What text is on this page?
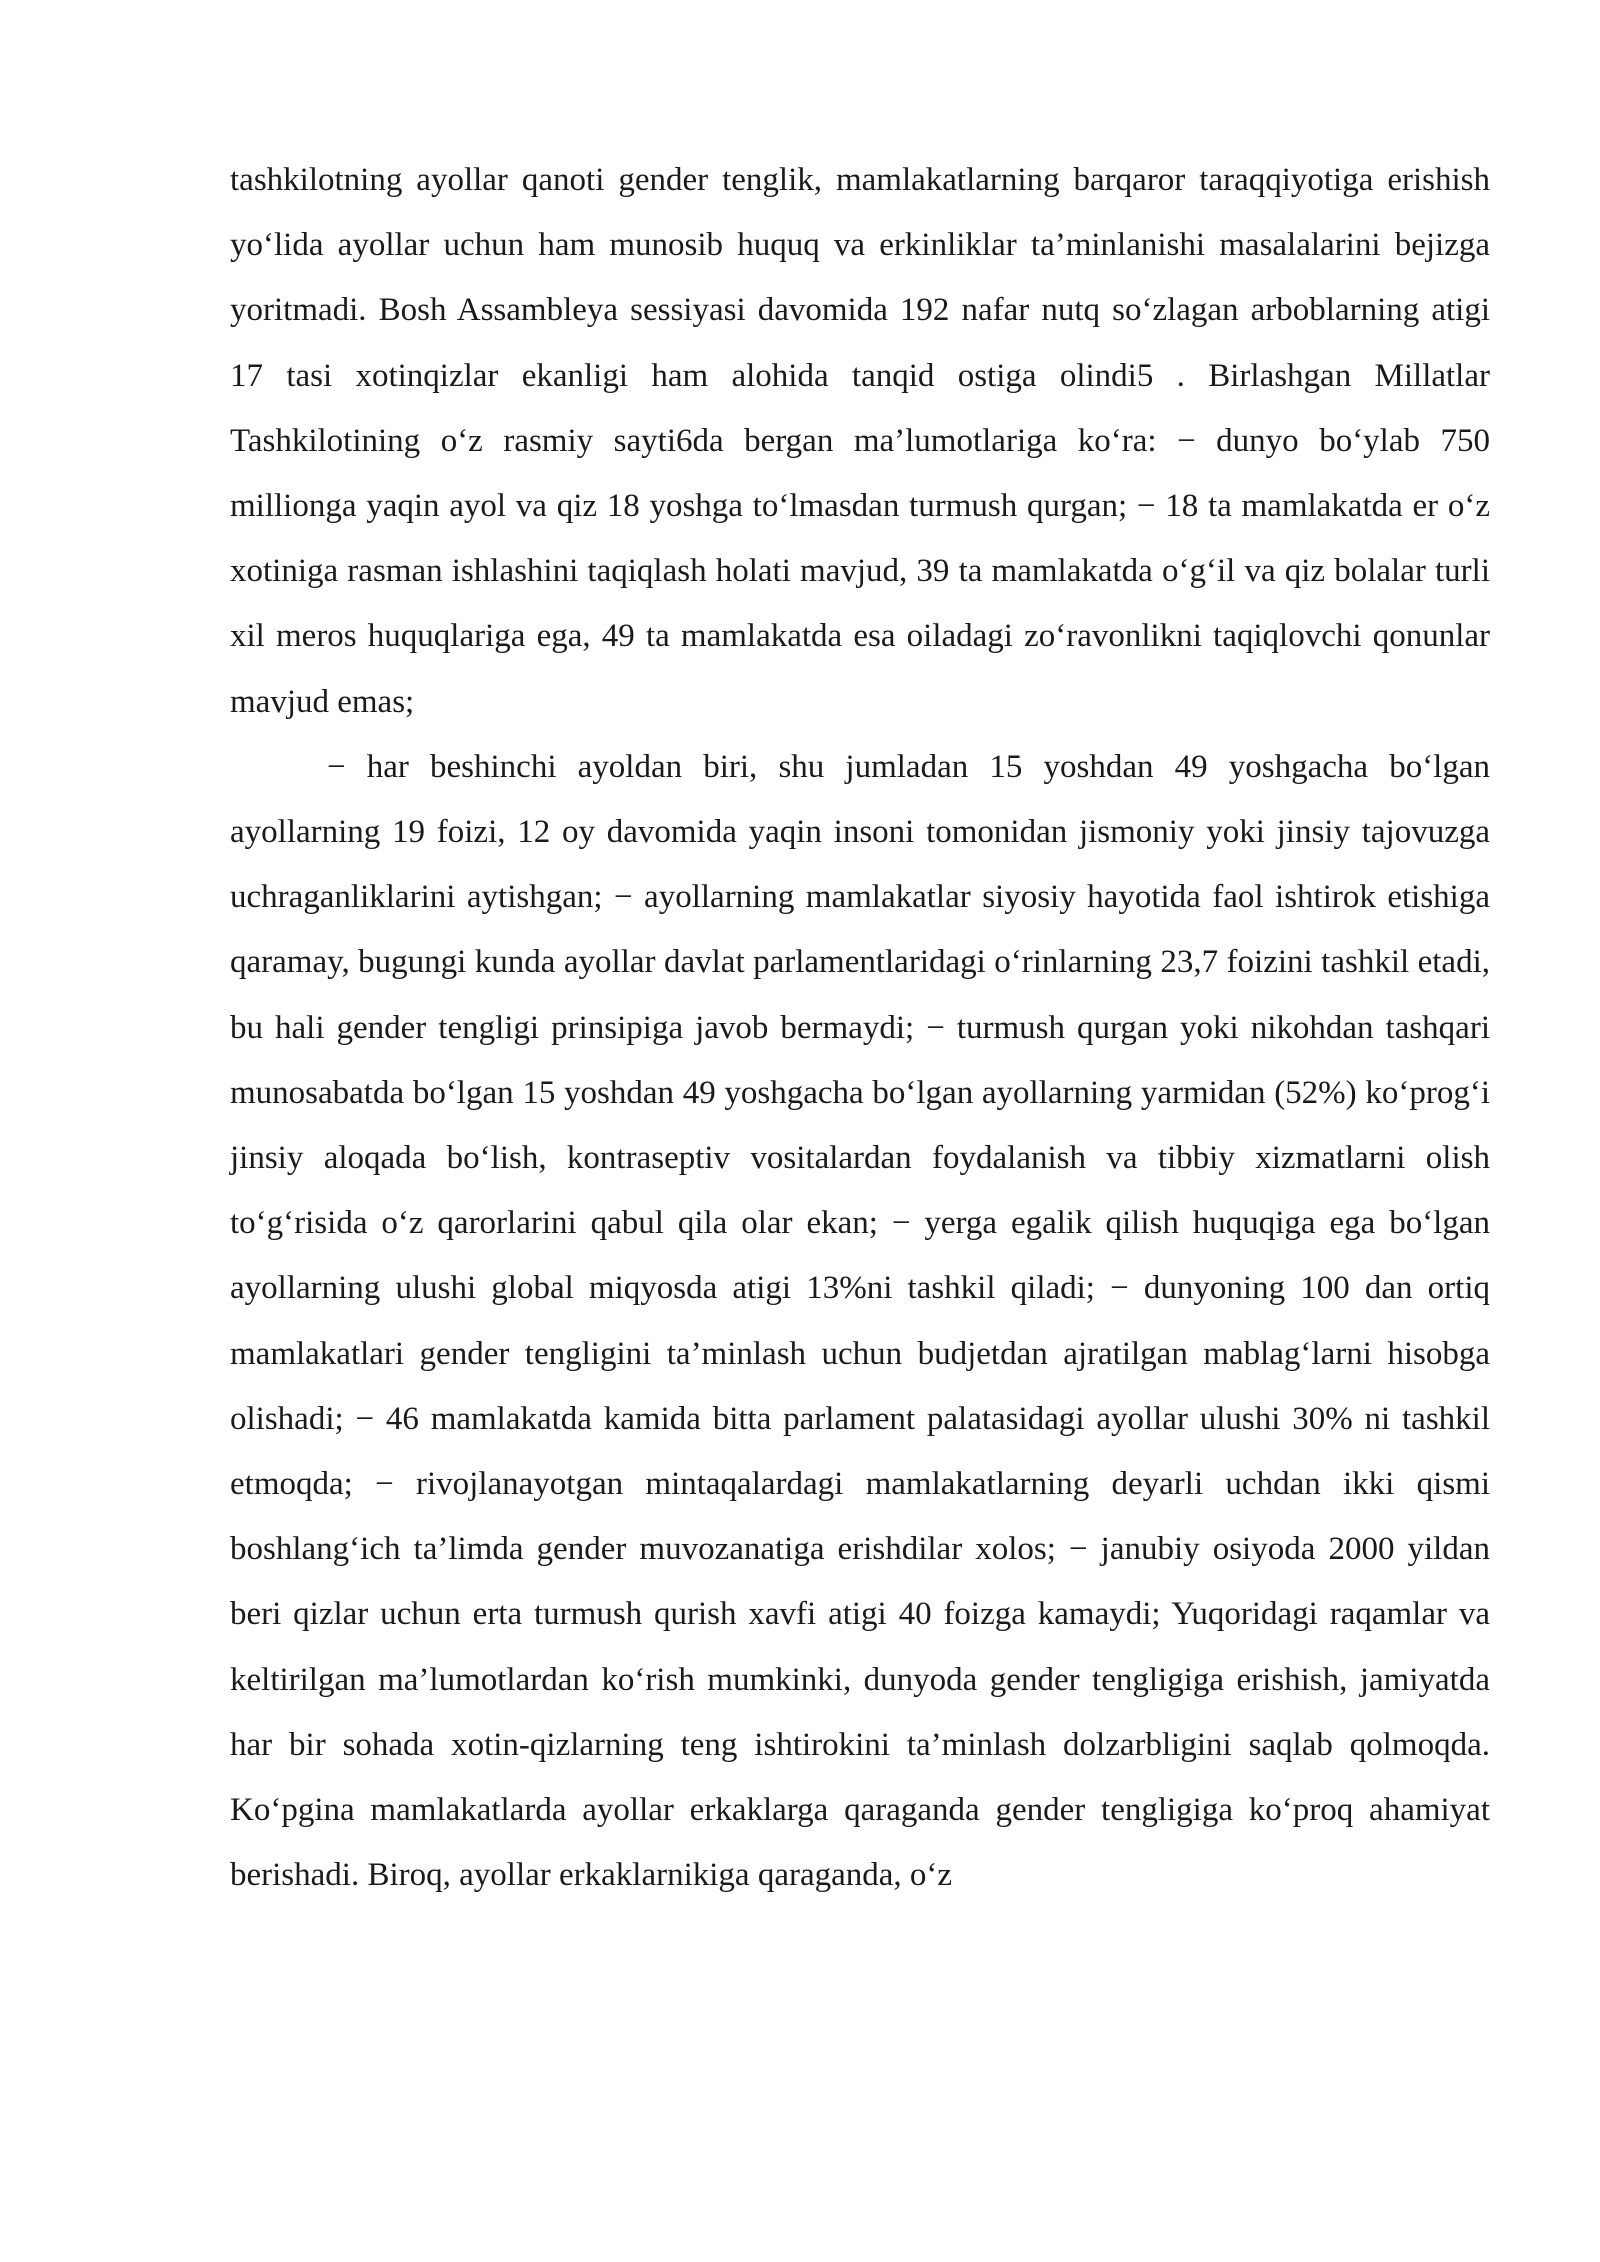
tashkilotning ayollar qanoti gender tenglik, mamlakatlarning barqaror taraqqiyotiga erishish yo‘lida ayollar uchun ham munosib huquq va erkinliklar ta’minlanishi masalalarini bejizga yoritmadi. Bosh Assambleya sessiyasi davomida 192 nafar nutq so‘zlagan arboblarning atigi 17 tasi xotinqizlar ekanligi ham alohida tanqid ostiga olindi5 . Birlashgan Millatlar Tashkilotining o‘z rasmiy sayti6da bergan ma’lumotlariga ko‘ra: − dunyo bo‘ylab 750 millionga yaqin ayol va qiz 18 yoshga to‘lmasdan turmush qurgan; − 18 ta mamlakatda er o‘z xotiniga rasman ishlashini taqiqlash holati mavjud, 39 ta mamlakatda o‘g‘il va qiz bolalar turli xil meros huquqlariga ega, 49 ta mamlakatda esa oiladagi zo‘ravonlikni taqiqlovchi qonunlar mavjud emas;

− har beshinchi ayoldan biri, shu jumladan 15 yoshdan 49 yoshgacha bo‘lgan ayollarning 19 foizi, 12 oy davomida yaqin insoni tomonidan jismoniy yoki jinsiy tajovuzga uchraganliklarini aytishgan; − ayollarning mamlakatlar siyosiy hayotida faol ishtirok etishiga qaramay, bugungi kunda ayollar davlat parlamentlaridagi o‘rinlarning 23,7 foizini tashkil etadi, bu hali gender tengligi prinsipiga javob bermaydi; − turmush qurgan yoki nikohdan tashqari munosabatda bo‘lgan 15 yoshdan 49 yoshgacha bo‘lgan ayollarning yarmidan (52%) ko‘prog‘i jinsiy aloqada bo‘lish, kontraseptiv vositalardan foydalanish va tibbiy xizmatlarni olish to‘g‘risida o‘z qarorlarini qabul qila olar ekan; − yerga egalik qilish huquqiga ega bo‘lgan ayollarning ulushi global miqyosda atigi 13%ni tashkil qiladi; − dunyoning 100 dan ortiq mamlakatlari gender tengligini ta’minlash uchun budjetdan ajratilgan mablag‘larni hisobga olishadi; − 46 mamlakatda kamida bitta parlament palatasidagi ayollar ulushi 30% ni tashkil etmoqda; − rivojlanayotgan mintaqalardagi mamlakatlarning deyarli uchdan ikki qismi boshlang‘ich ta’limda gender muvozanatiga erishdilar xolos; − janubiy osiyoda 2000 yildan beri qizlar uchun erta turmush qurish xavfi atigi 40 foizga kamaydi; Yuqoridagi raqamlar va keltirilgan ma’lumotlardan ko‘rish mumkinki, dunyoda gender tengligiga erishish, jamiyatda har bir sohada xotin-qizlarning teng ishtirokini ta’minlash dolzarbligini saqlab qolmoqda. Ko‘pgina mamlakatlarda ayollar erkaklarga qaraganda gender tengligiga ko‘proq ahamiyat berishadi. Biroq, ayollar erkaklarnikiga qaraganda, o‘z
